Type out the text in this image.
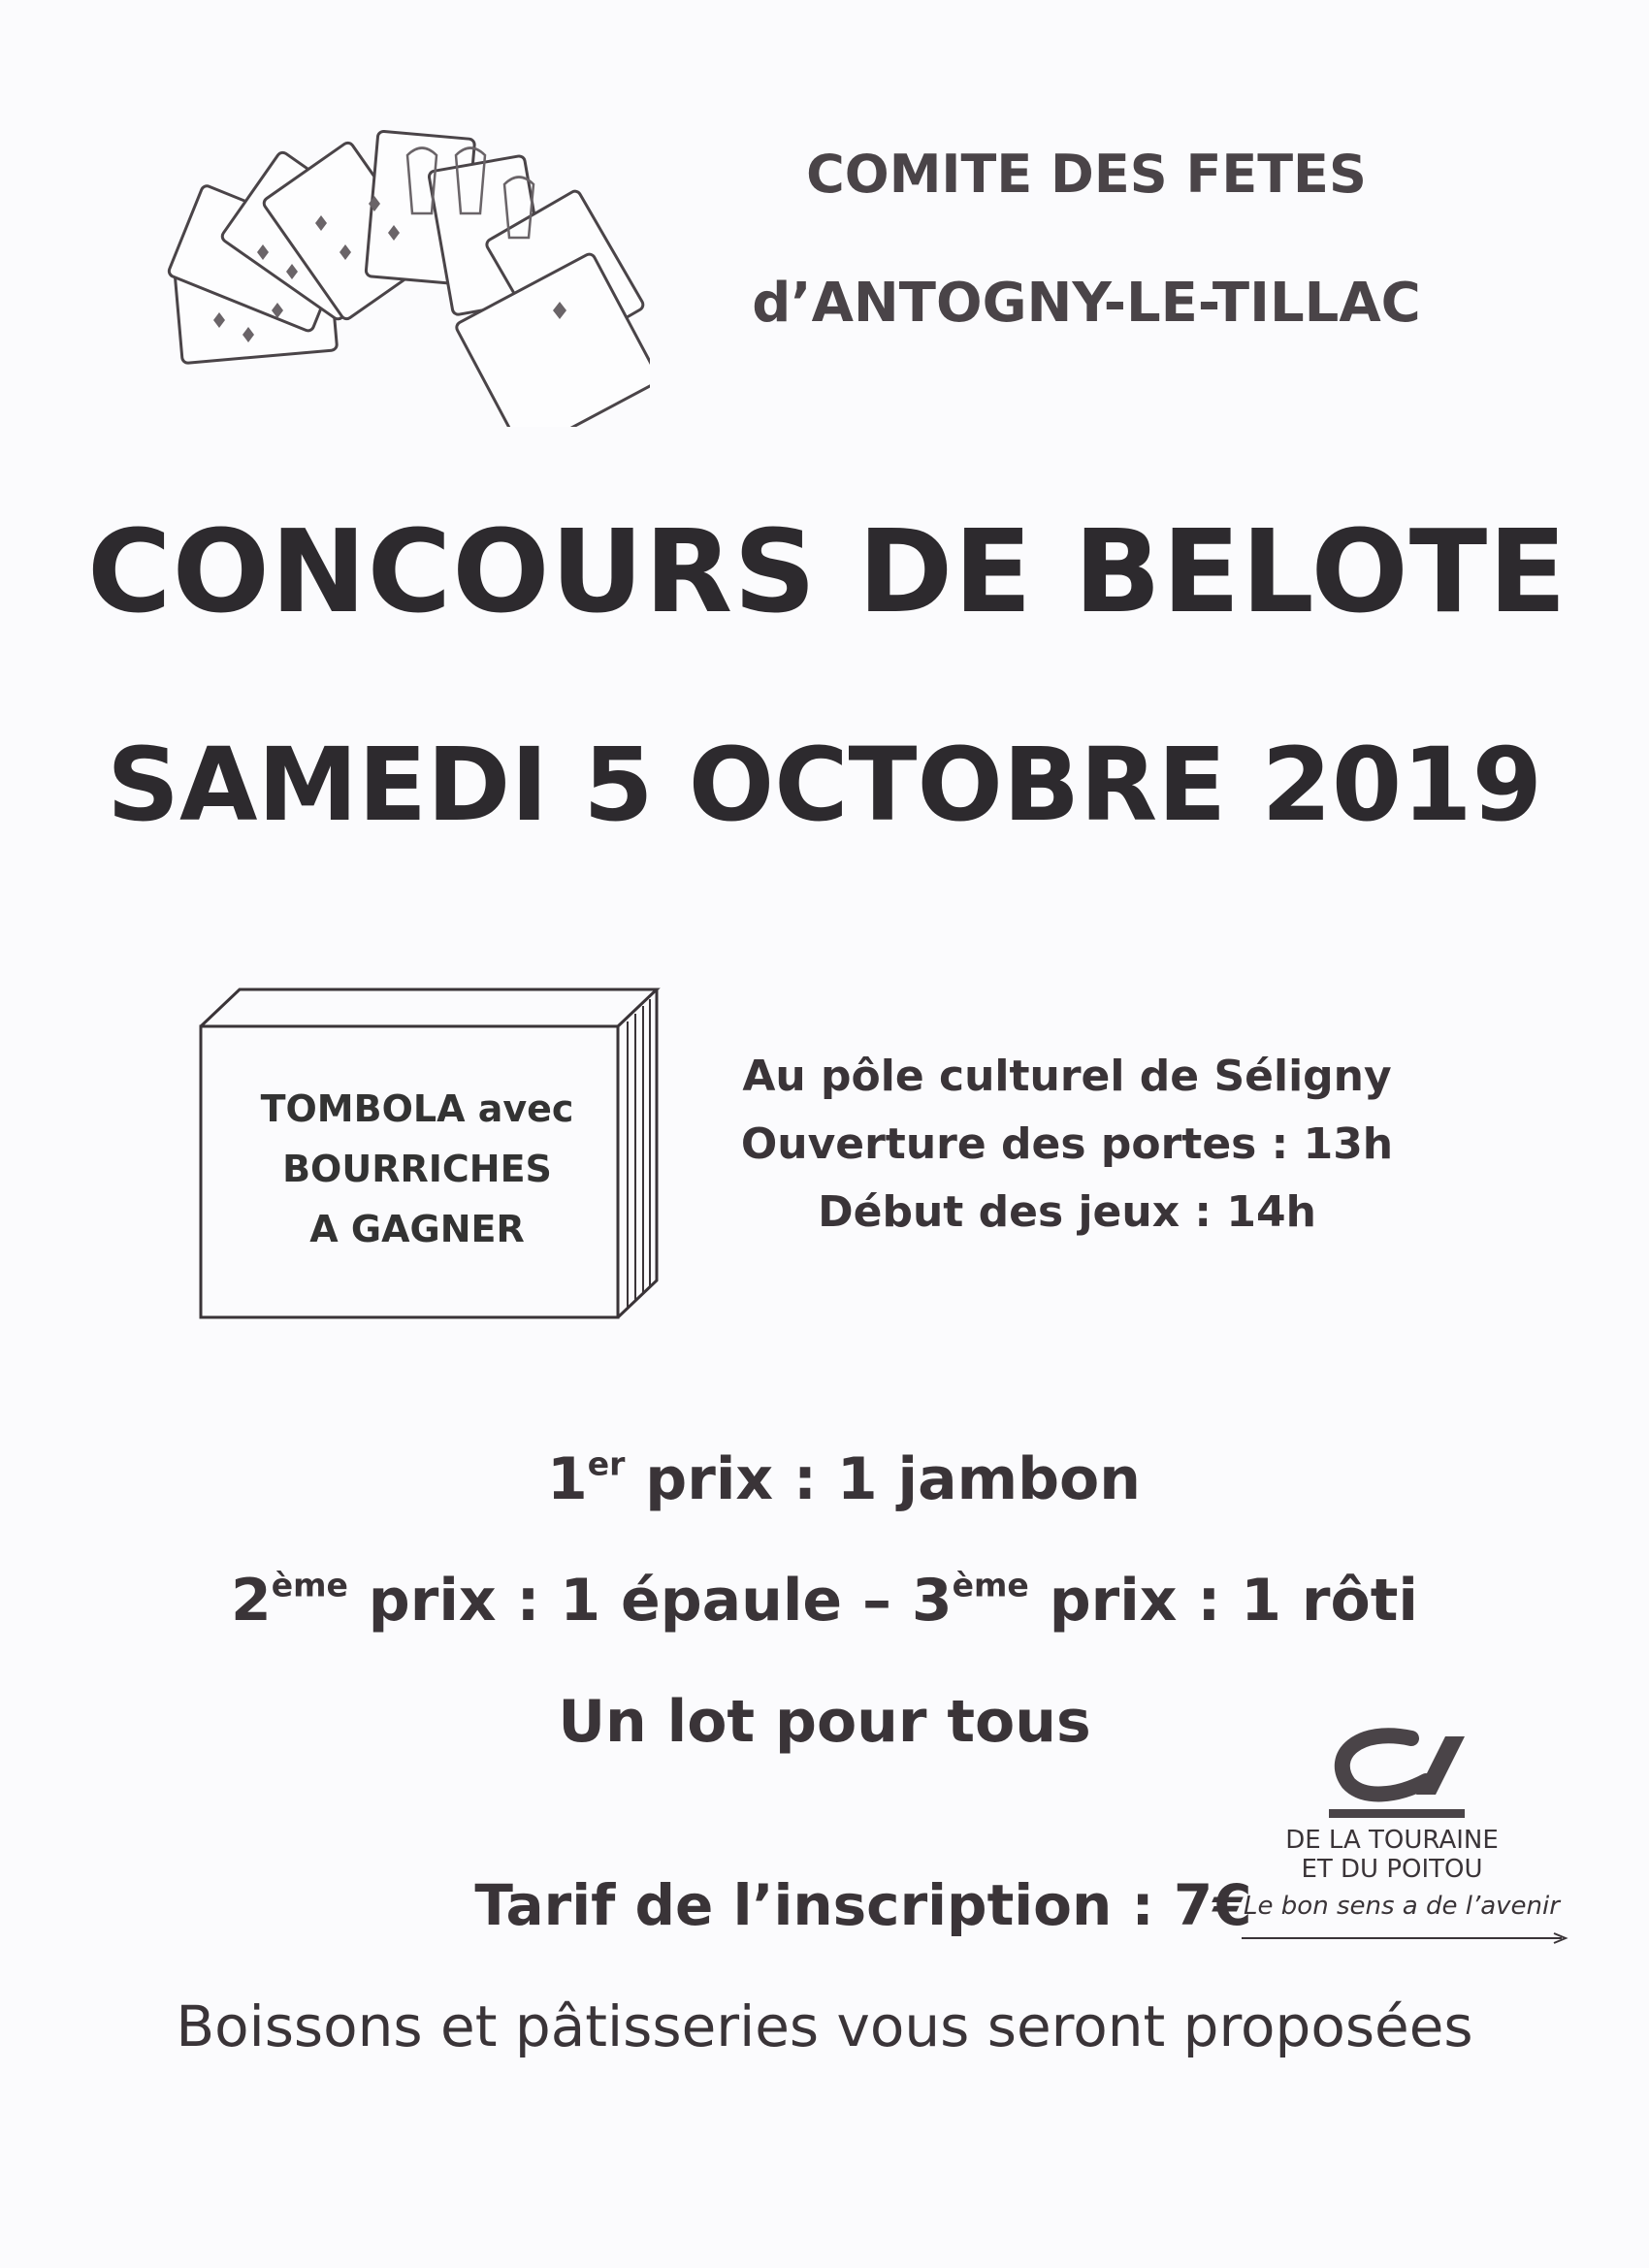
COMITE DES FETES
d’ANTOGNY-LE-TILLAC
CONCOURS DE BELOTE
SAMEDI 5 OCTOBRE 2019
TOMBOLA avec
BOURRICHES
A GAGNER
Au pôle culturel de Séligny
Ouverture des portes : 13h
Début des jeux : 14h
1er prix : 1 jambon
2ème prix : 1 épaule – 3ème prix : 1 rôti
Un lot pour tous
Tarif de l’inscription : 7€
DE LA TOURAINE
ET DU POITOU
Le bon sens a de l’avenir
Boissons et pâtisseries vous seront proposées
